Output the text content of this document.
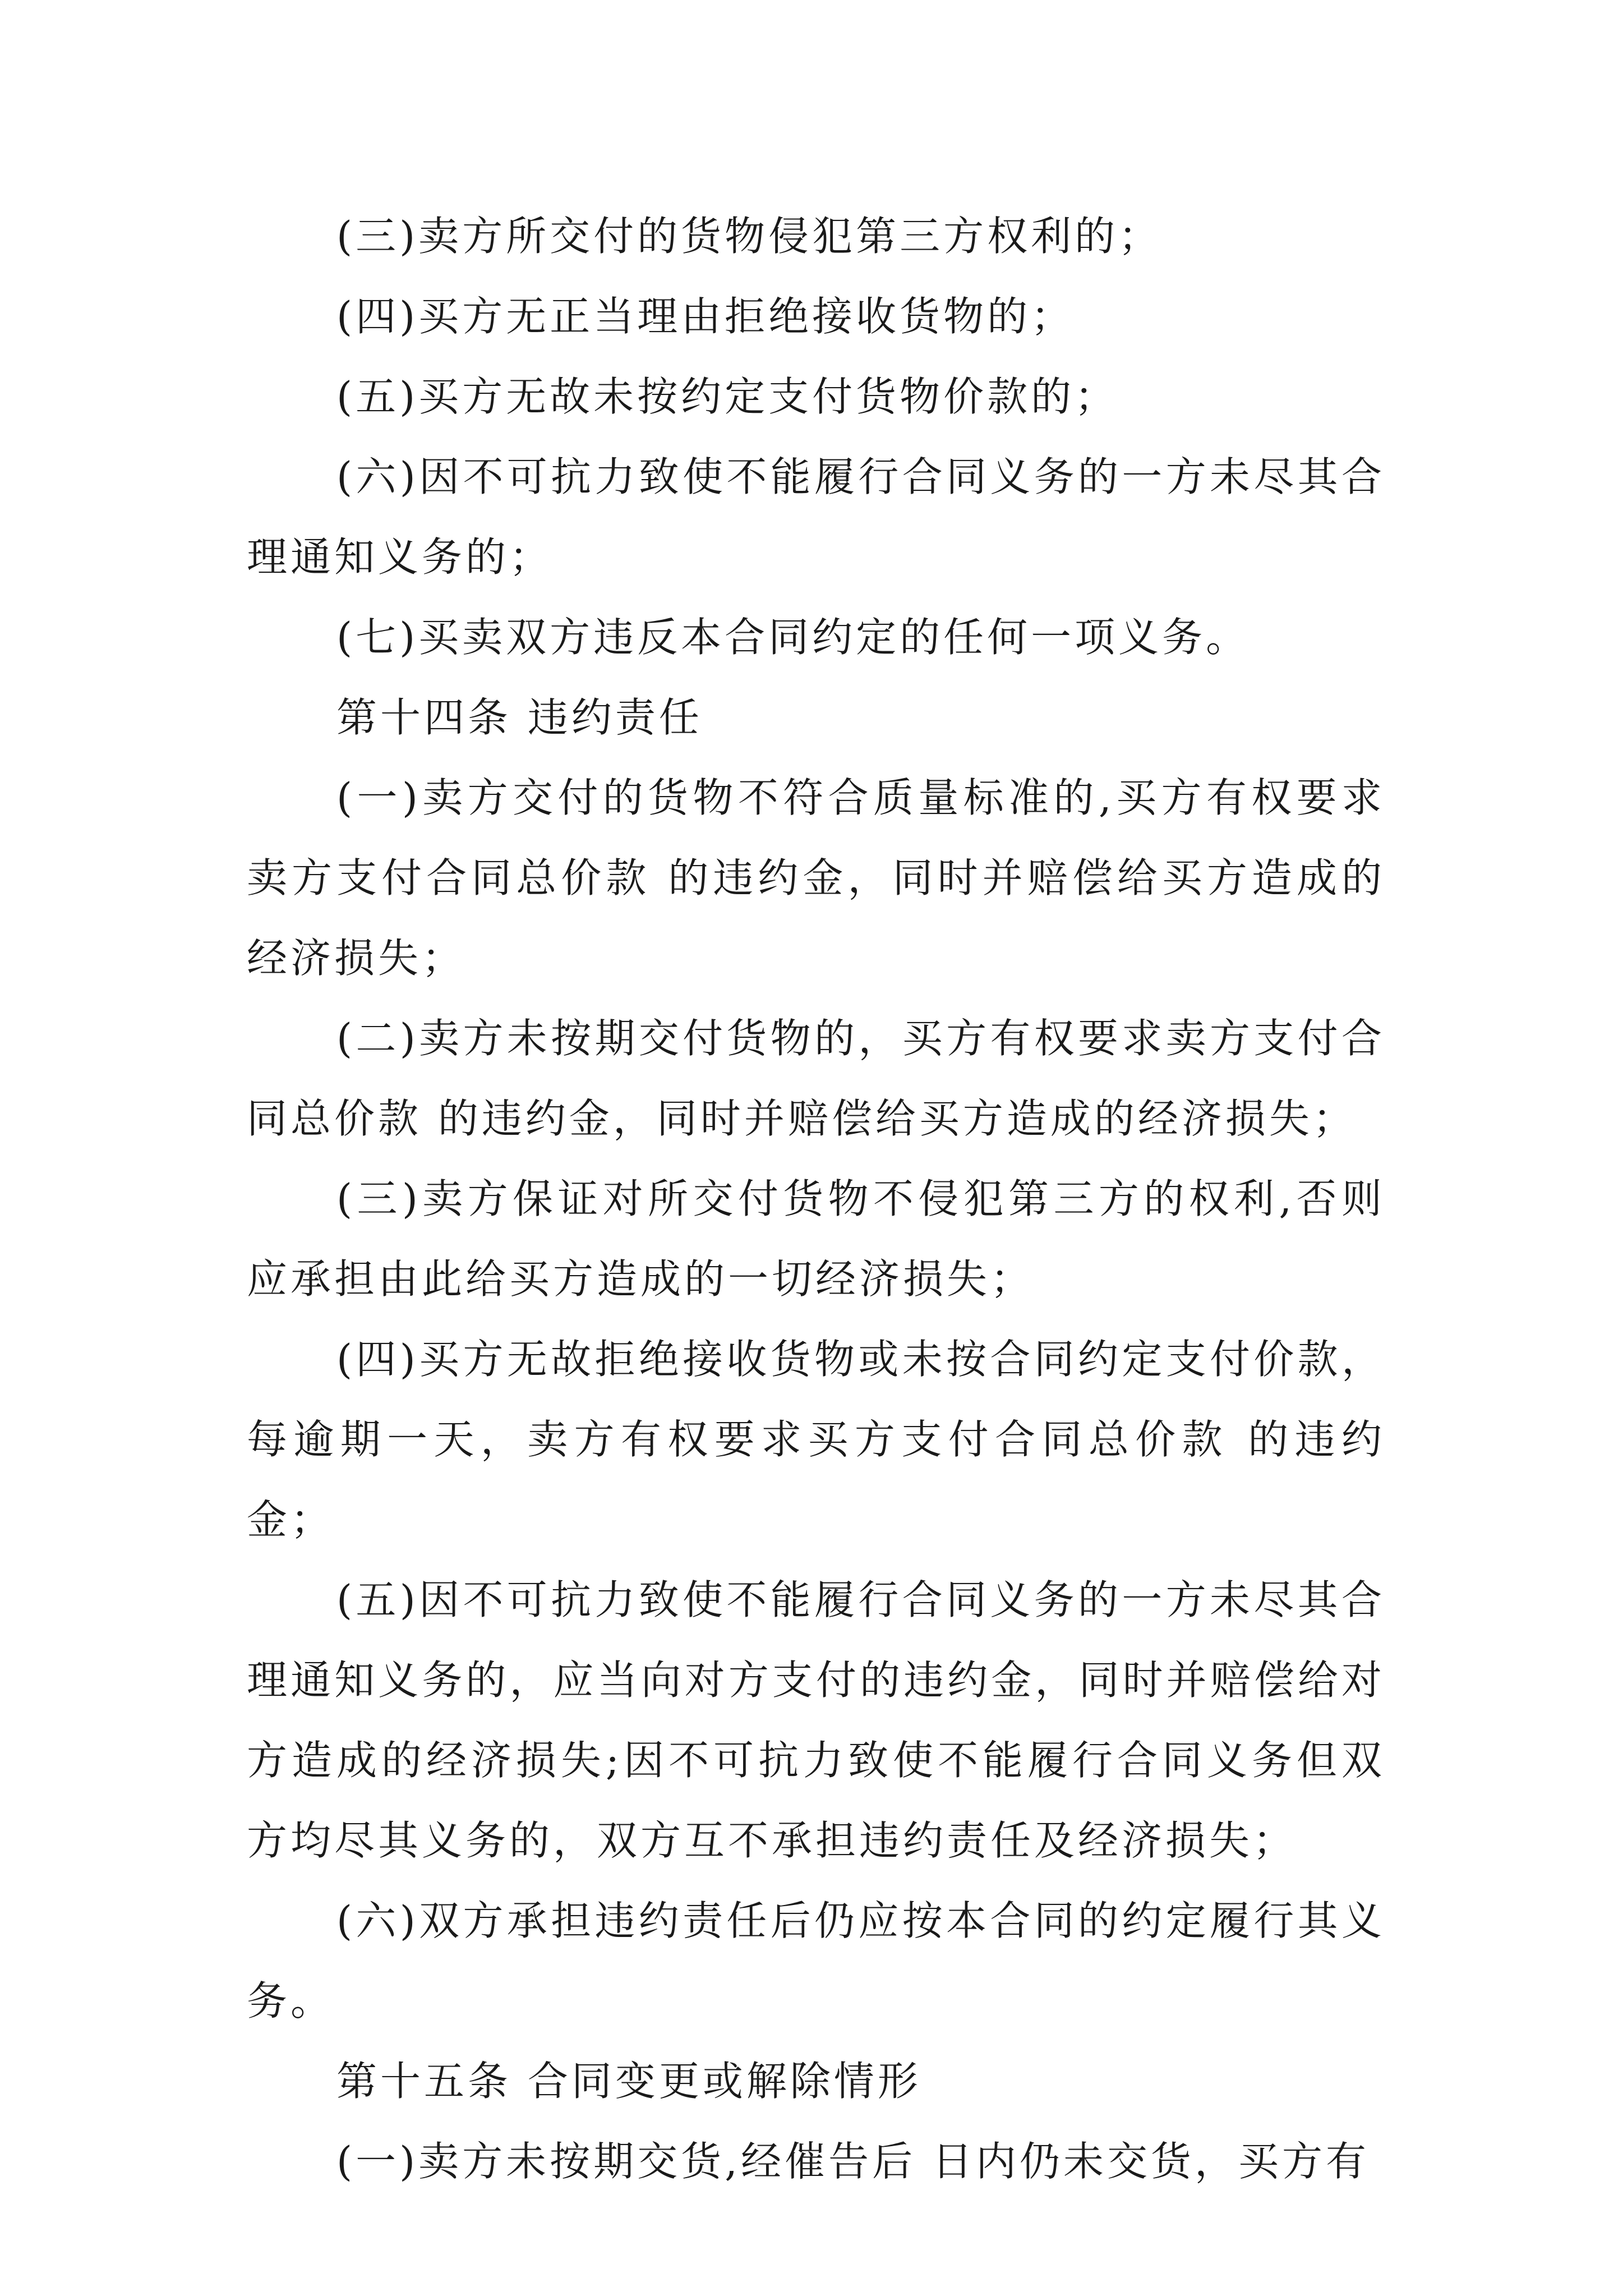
(三)卖方所交付的货物侵犯第三方权利的；

(四)买方无正当理由拒绝接收货物的；

(五)买方无故未按约定支付货物价款的；

(六)因不可抗力致使不能履行合同义务的一方未尽其合理通知义务的；

(七)买卖双方违反本合同约定的任何一项义务。

第十四条 违约责任

(一)卖方交付的货物不符合质量标准的,买方有权要求卖方支付合同总价款 的违约金，同时并赔偿给买方造成的经济损失；

(二)卖方未按期交付货物的，买方有权要求卖方支付合同总价款 的违约金，同时并赔偿给买方造成的经济损失；

(三)卖方保证对所交付货物不侵犯第三方的权利,否则应承担由此给买方造成的一切经济损失；

(四)买方无故拒绝接收货物或未按合同约定支付价款，每逾期一天，卖方有权要求买方支付合同总价款 的违约金；

(五)因不可抗力致使不能履行合同义务的一方未尽其合理通知义务的，应当向对方支付的违约金，同时并赔偿给对方造成的经济损失;因不可抗力致使不能履行合同义务但双方均尽其义务的，双方互不承担违约责任及经济损失；

(六)双方承担违约责任后仍应按本合同的约定履行其义务。

第十五条 合同变更或解除情形

(一)卖方未按期交货,经催告后 日内仍未交货，买方有
